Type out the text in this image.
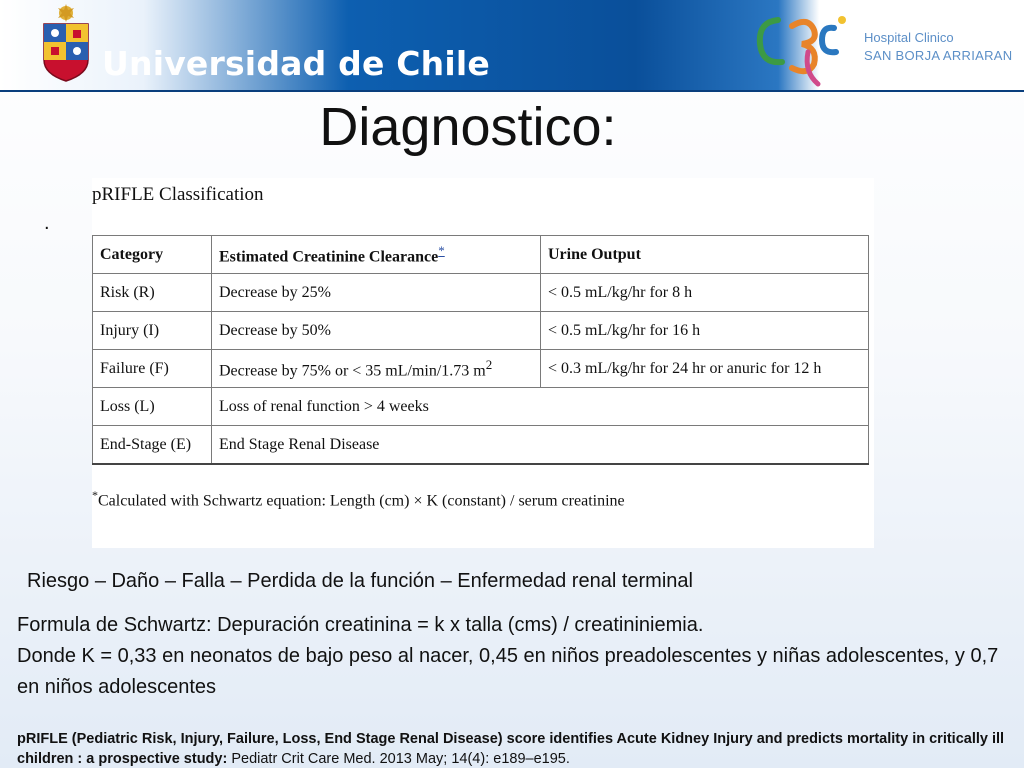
Universidad de Chile
Hospital Clinico
SAN BORJA ARRIARAN
Diagnostico:
.
pRIFLE Classification
Category	Estimated Creatinine Clearance*	Urine Output
Risk (R)	Decrease by 25%	< 0.5 mL/kg/hr for 8 h
Injury (I)	Decrease by 50%	< 0.5 mL/kg/hr for 16 h
Failure (F)	Decrease by 75% or < 35 mL/min/1.73 $m^2$	< 0.3 mL/kg/hr for 24 hr or anuric for 12 h
Loss (L)	Loss of renal function > 4 weeks	
End-Stage (E)	End Stage Renal Disease	
*Calculated with Schwartz equation: Length (cm) × K (constant) / serum creatinine
Riesgo – Daño – Falla – Perdida de la función – Enfermedad renal terminal
Formula de Schwartz: Depuración creatinina = k x talla (cms) / creatininiemia.
Donde K = 0,33 en neonatos de bajo peso al nacer, 0,45 en niños preadolescentes y niñas adolescentes, y 0,7 en niños adolescentes
pRIFLE (Pediatric Risk, Injury, Failure, Loss, End Stage Renal Disease) score identifies Acute Kidney Injury and predicts mortality in critically ill children : a prospective study: Pediatr Crit Care Med. 2013 May; 14(4): e189–e195.
